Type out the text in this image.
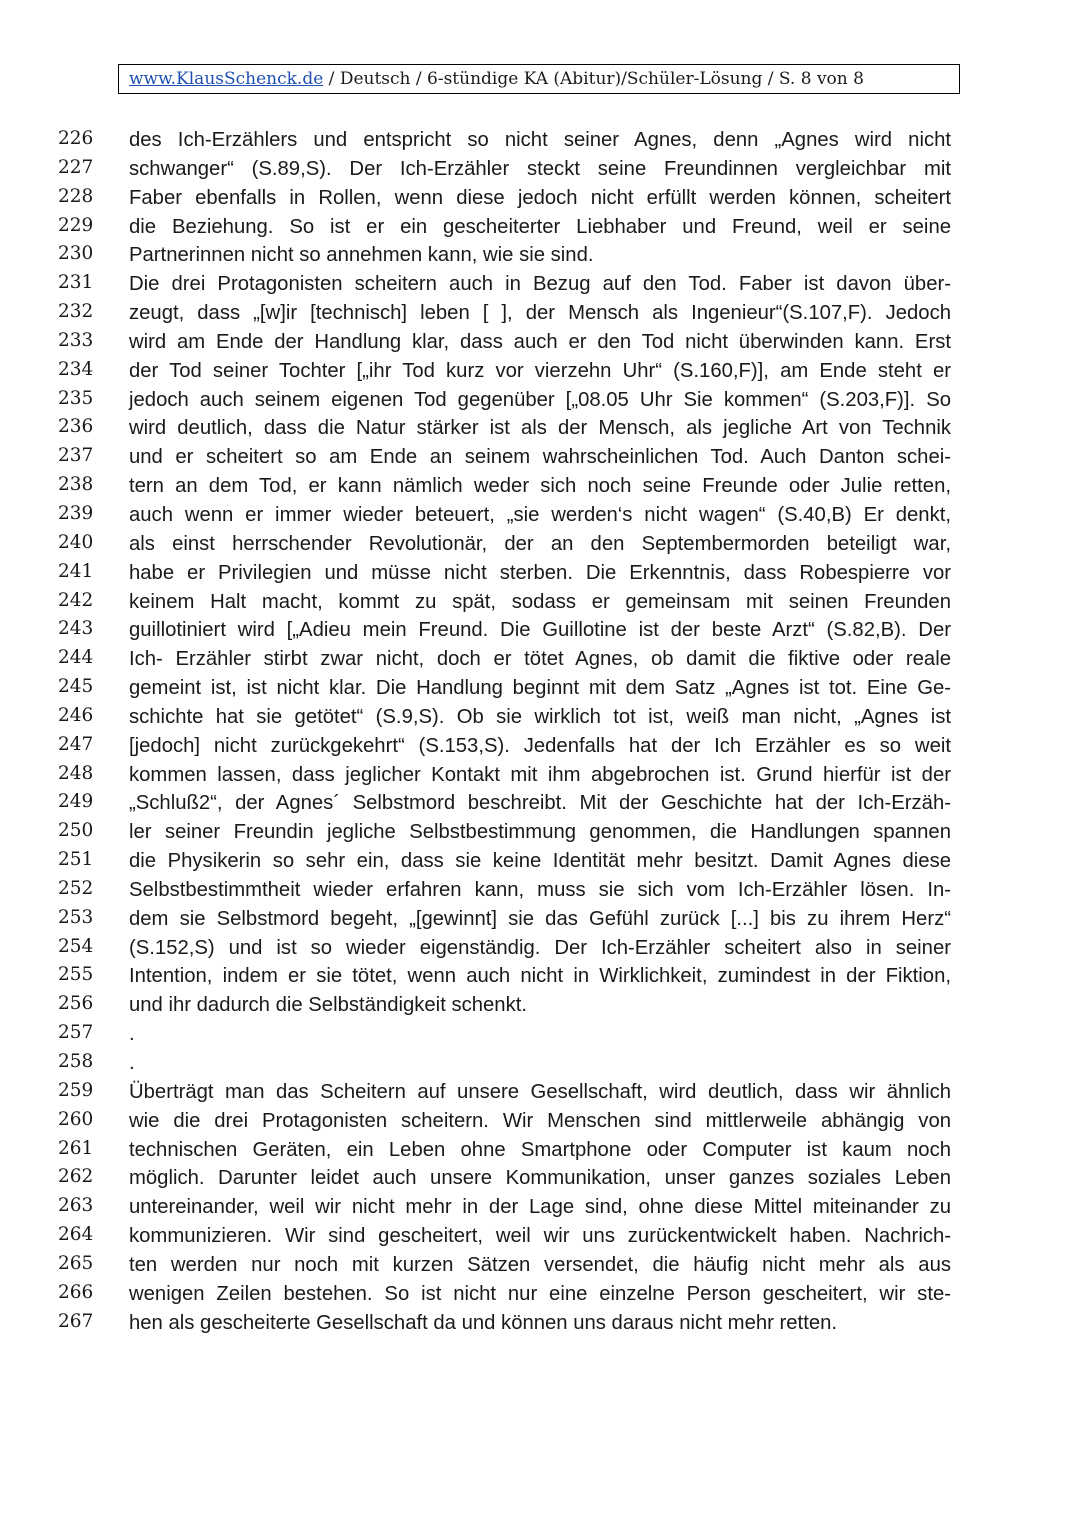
www.KlausSchenck.de / Deutsch / 6-stündige KA (Abitur)/Schüler-Lösung / S. 8 von 8
226 des Ich-Erzählers und entspricht so nicht seiner Agnes, denn „Agnes wird nicht
227 schwanger“ (S.89,S). Der Ich-Erzähler steckt seine Freundinnen vergleichbar mit
228 Faber ebenfalls in Rollen, wenn diese jedoch nicht erfüllt werden können, scheitert
229 die Beziehung. So ist er ein gescheiterter Liebhaber und Freund, weil er seine
230 Partnerinnen nicht so annehmen kann, wie sie sind.
231 Die drei Protagonisten scheitern auch in Bezug auf den Tod. Faber ist davon über-
232 zeugt, dass „[w]ir [technisch] leben [ ], der Mensch als Ingenieur“(S.107,F). Jedoch
233 wird am Ende der Handlung klar, dass auch er den Tod nicht überwinden kann. Erst
234 der Tod seiner Tochter [„ihr Tod kurz vor vierzehn Uhr“ (S.160,F)], am Ende steht er
235 jedoch auch seinem eigenen Tod gegenüber [„08.05 Uhr Sie kommen“ (S.203,F)]. So
236 wird deutlich, dass die Natur stärker ist als der Mensch, als jegliche Art von Technik
237 und er scheitert so am Ende an seinem wahrscheinlichen Tod. Auch Danton schei-
238 tern an dem Tod, er kann nämlich weder sich noch seine Freunde oder Julie retten,
239 auch wenn er immer wieder beteuert, „sie werden‘s nicht wagen“ (S.40,B) Er denkt,
240 als einst herrschender Revolutionär, der an den Septembermorden beteiligt war,
241 habe er Privilegien und müsse nicht sterben. Die Erkenntnis, dass Robespierre vor
242 keinem Halt macht, kommt zu spät, sodass er gemeinsam mit seinen Freunden
243 guillotiniert wird [„Adieu mein Freund. Die Guillotine ist der beste Arzt“ (S.82,B). Der
244 Ich- Erzähler stirbt zwar nicht, doch er tötet Agnes, ob damit die fiktive oder reale
245 gemeint ist, ist nicht klar. Die Handlung beginnt mit dem Satz „Agnes ist tot. Eine Ge-
246 schichte hat sie getötet“ (S.9,S). Ob sie wirklich tot ist, weiß man nicht, „Agnes ist
247 [jedoch] nicht zurückgekehrt“ (S.153,S). Jedenfalls hat der Ich Erzähler es so weit
248 kommen lassen, dass jeglicher Kontakt mit ihm abgebrochen ist. Grund hierfür ist der
249 „Schluß2“, der Agnes´ Selbstmord beschreibt. Mit der Geschichte hat der Ich-Erzäh-
250 ler seiner Freundin jegliche Selbstbestimmung genommen, die Handlungen spannen
251 die Physikerin so sehr ein, dass sie keine Identität mehr besitzt. Damit Agnes diese
252 Selbstbestimmtheit wieder erfahren kann, muss sie sich vom Ich-Erzähler lösen. In-
253 dem sie Selbstmord begeht, „[gewinnt] sie das Gefühl zurück [...] bis zu ihrem Herz“
254 (S.152,S) und ist so wieder eigenständig. Der Ich-Erzähler scheitert also in seiner
255 Intention, indem er sie tötet, wenn auch nicht in Wirklichkeit, zumindest in der Fiktion,
256 und ihr dadurch die Selbständigkeit schenkt.
257 .
258 .
259 Überträgt man das Scheitern auf unsere Gesellschaft, wird deutlich, dass wir ähnlich
260 wie die drei Protagonisten scheitern. Wir Menschen sind mittlerweile abhängig von
261 technischen Geräten, ein Leben ohne Smartphone oder Computer ist kaum noch
262 möglich. Darunter leidet auch unsere Kommunikation, unser ganzes soziales Leben
263 untereinander, weil wir nicht mehr in der Lage sind, ohne diese Mittel miteinander zu
264 kommunizieren. Wir sind gescheitert, weil wir uns zurückentwickelt haben. Nachrich-
265 ten werden nur noch mit kurzen Sätzen versendet, die häufig nicht mehr als aus
266 wenigen Zeilen bestehen. So ist nicht nur eine einzelne Person gescheitert, wir ste-
267 hen als gescheiterte Gesellschaft da und können uns daraus nicht mehr retten.
